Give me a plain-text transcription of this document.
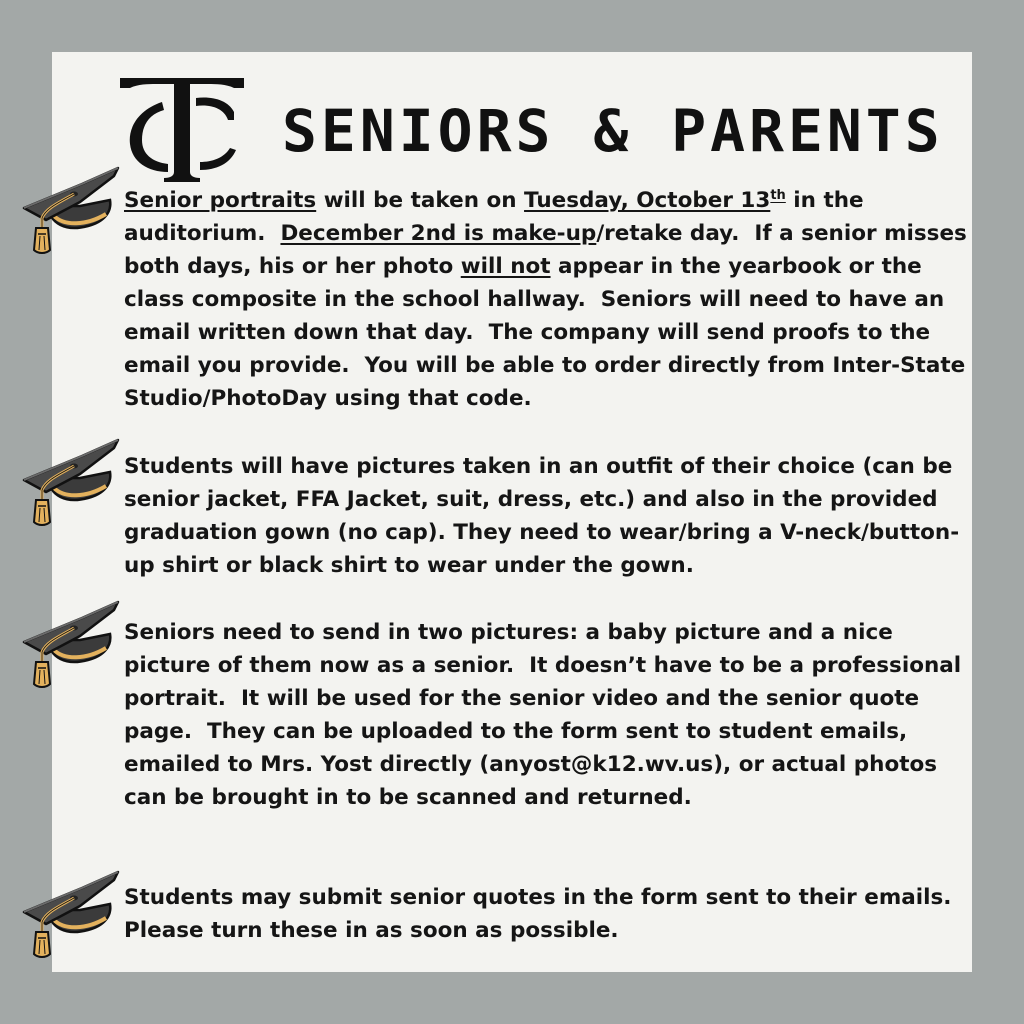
SENIORS & PARENTS

Senior portraits will be taken on Tuesday, October 13th in the auditorium.  December 2nd is make-up/retake day.  If a senior misses both days, his or her photo will not appear in the yearbook or the class composite in the school hallway.  Seniors will need to have an email written down that day.  The company will send proofs to the email you provide.  You will be able to order directly from Inter-State Studio/PhotoDay using that code.

Students will have pictures taken in an outfit of their choice (can be senior jacket, FFA Jacket, suit, dress, etc.) and also in the provided graduation gown (no cap). They need to wear/bring a V-neck/button-up shirt or black shirt to wear under the gown.

Seniors need to send in two pictures: a baby picture and a nice picture of them now as a senior.  It doesn’t have to be a professional portrait.  It will be used for the senior video and the senior quote page.  They can be uploaded to the form sent to student emails, emailed to Mrs. Yost directly (anyost@k12.wv.us), or actual photos can be brought in to be scanned and returned.

Students may submit senior quotes in the form sent to their emails.  Please turn these in as soon as possible.
